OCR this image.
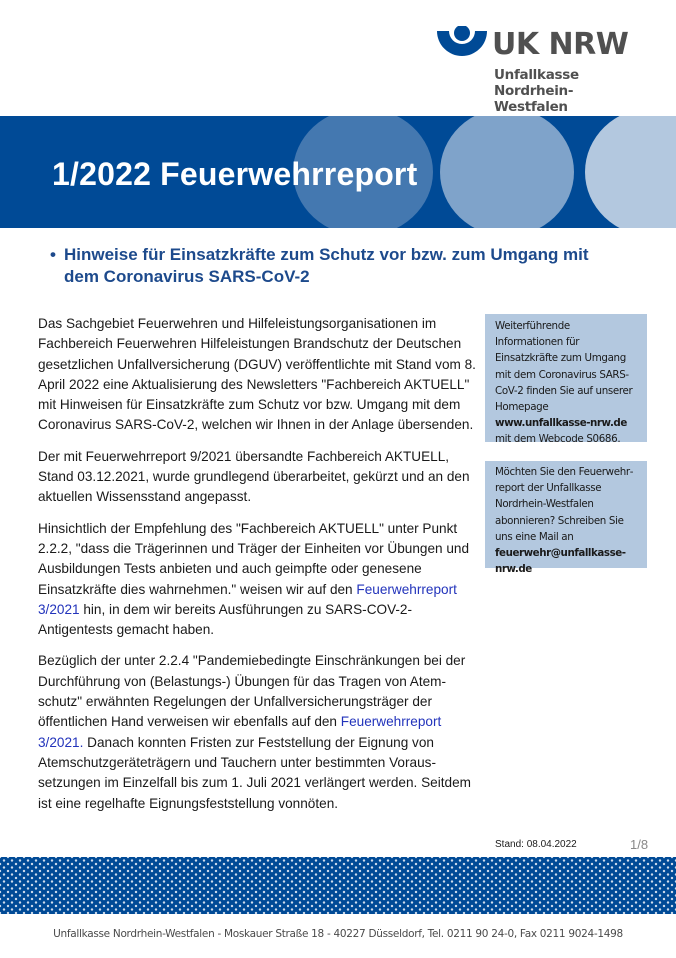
UK NRW
Unfallkasse
Nordrhein-Westfalen
1/2022 Feuerwehrreport
• Hinweise für Einsatzkräfte zum Schutz vor bzw. zum Umgang mit dem Coronavirus SARS-CoV-2

Das Sachgebiet Feuerwehren und Hilfeleistungsorganisationen im Fachbereich Feuerwehren Hilfeleistungen Brandschutz der Deutschen gesetzlichen Unfallversicherung (DGUV) veröffentlichte mit Stand vom 8. April 2022 eine Aktualisierung des Newsletters "Fachbereich AKTUELL" mit Hinweisen für Einsatzkräfte zum Schutz vor bzw. Umgang mit dem Coronavirus SARS-CoV-2, welchen wir Ihnen in der Anlage übersenden.

Der mit Feuerwehrreport 9/2021 übersandte Fachbereich AKTUELL, Stand 03.12.2021, wurde grundlegend überarbeitet, gekürzt und an den aktuellen Wissensstand angepasst.

Hinsichtlich der Empfehlung des "Fachbereich AKTUELL" unter Punkt 2.2.2, "dass die Trägerinnen und Träger der Einheiten vor Übungen und Ausbildungen Tests anbieten und auch geimpfte oder genesene Einsatzkräfte dies wahrnehmen." weisen wir auf den Feuerwehrreport 3/2021 hin, in dem wir bereits Ausführungen zu SARS-COV-2-Antigentests gemacht haben.

Bezüglich der unter 2.2.4 "Pandemiebedingte Einschränkungen bei der Durchführung von (Belastungs-) Übungen für das Tragen von Atemschutz" erwähnten Regelungen der Unfallversicherungsträger der öffentlichen Hand verweisen wir ebenfalls auf den Feuerwehrreport 3/2021. Danach konnten Fristen zur Feststellung der Eignung von Atemschutzgeräteträgern und Tauchern unter bestimmten Voraussetzungen im Einzelfall bis zum 1. Juli 2021 verlängert werden. Seitdem ist eine regelhafte Eignungsfeststellung vonnöten.

Weiterführende Informationen für Einsatzkräfte zum Umgang mit dem Coronavirus SARS-CoV-2 finden Sie auf unserer Homepage
www.unfallkasse-nrw.de
mit dem Webcode S0686.
Möchten Sie den Feuerwehrreport der Unfallkasse Nordrhein-Westfalen abonnieren? Schreiben Sie uns eine Mail an
feuerwehr@unfallkasse-nrw.de
Stand: 08.04.2022	1/8
Unfallkasse Nordrhein-Westfalen - Moskauer Straße 18 - 40227 Düsseldorf, Tel. 0211 90 24-0, Fax 0211 9024-1498
